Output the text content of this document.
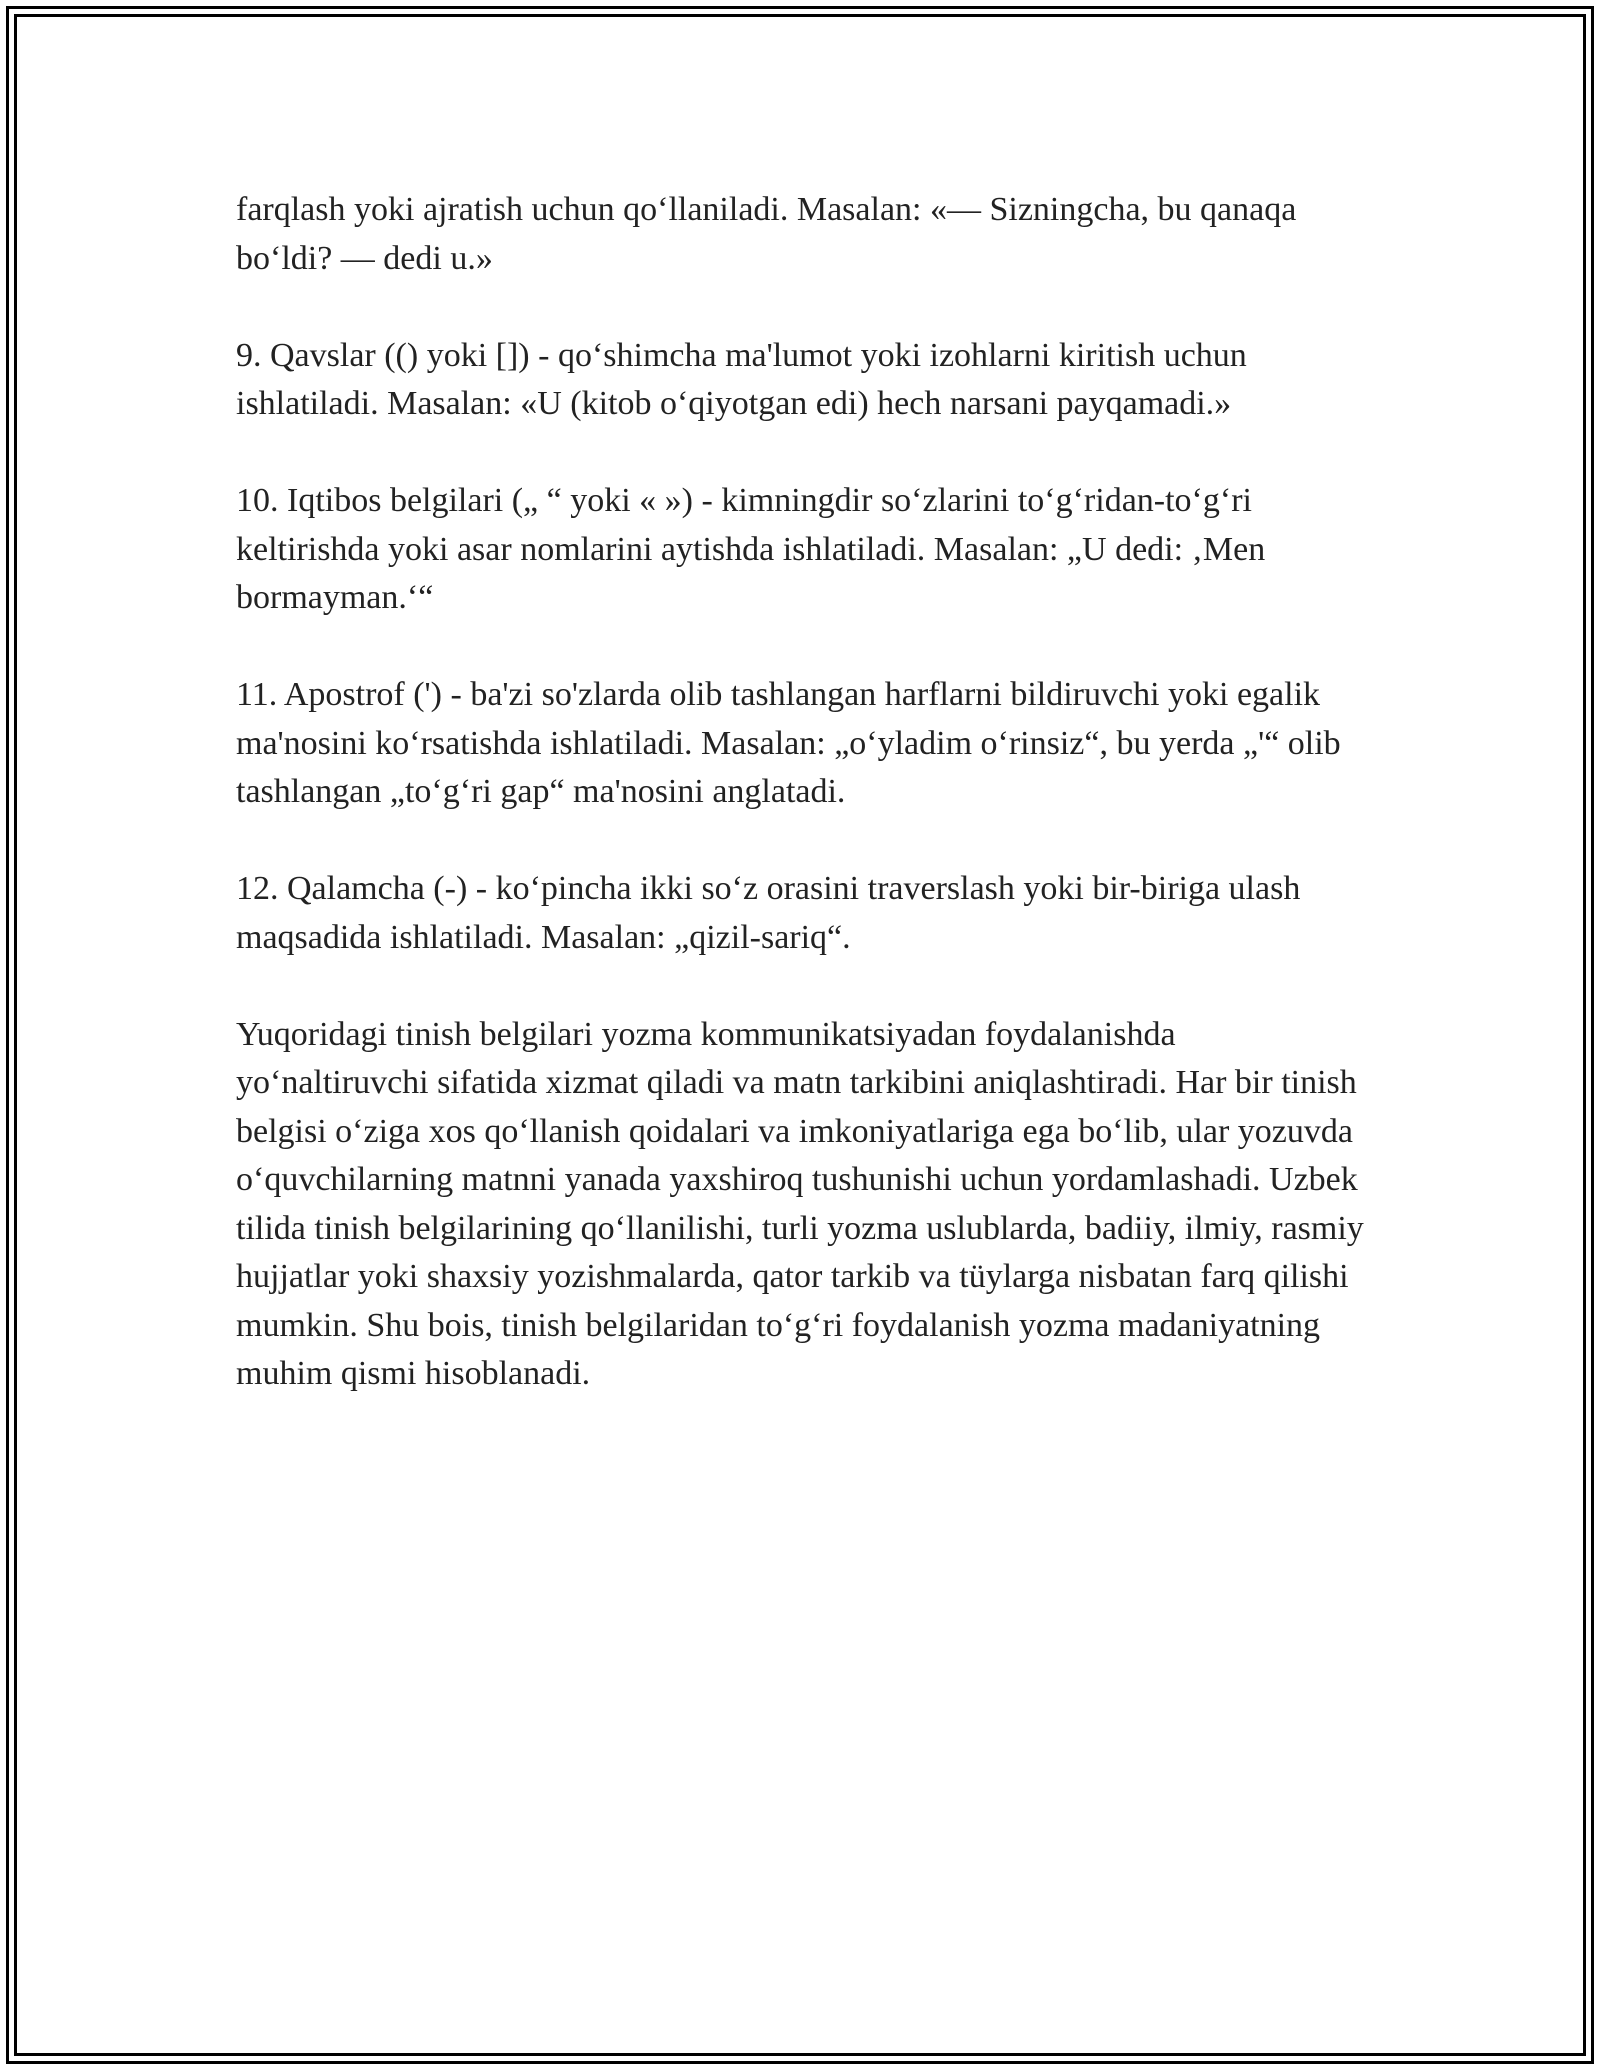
farqlash yoki ajratish uchun qo‘llaniladi. Masalan: «— Sizningcha, bu qanaqa bo‘ldi? — dedi u.»

9. Qavslar (() yoki []) - qo‘shimcha ma'lumot yoki izohlarni kiritish uchun ishlatiladi. Masalan: «U (kitob o‘qiyotgan edi) hech narsani payqamadi.»

10. Iqtibos belgilari („ “ yoki « ») - kimningdir so‘zlarini to‘g‘ridan-to‘g‘ri keltirishda yoki asar nomlarini aytishda ishlatiladi. Masalan: „U dedi: ‚Men bormayman.‘“

11. Apostrof (') - ba'zi so'zlarda olib tashlangan harflarni bildiruvchi yoki egalik ma'nosini ko‘rsatishda ishlatiladi. Masalan: „o‘yladim o‘rinsiz“, bu yerda „'“ olib tashlangan „to‘g‘ri gap“ ma'nosini anglatadi.

12. Qalamcha (-) - ko‘pincha ikki so‘z orasini traverslash yoki bir-biriga ulash maqsadida ishlatiladi. Masalan: „qizil-sariq“.

Yuqoridagi tinish belgilari yozma kommunikatsiyadan foydalanishda yo‘naltiruvchi sifatida xizmat qiladi va matn tarkibini aniqlashtiradi. Har bir tinish belgisi o‘ziga xos qo‘llanish qoidalari va imkoniyatlariga ega bo‘lib, ular yozuvda o‘quvchilarning matnni yanada yaxshiroq tushunishi uchun yordamlashadi. Uzbek tilida tinish belgilarining qo‘llanilishi, turli yozma uslublarda, badiiy, ilmiy, rasmiy hujjatlar yoki shaxsiy yozishmalarda, qator tarkib va tüylarga nisbatan farq qilishi mumkin. Shu bois, tinish belgilaridan to‘g‘ri foydalanish yozma madaniyatning muhim qismi hisoblanadi.
